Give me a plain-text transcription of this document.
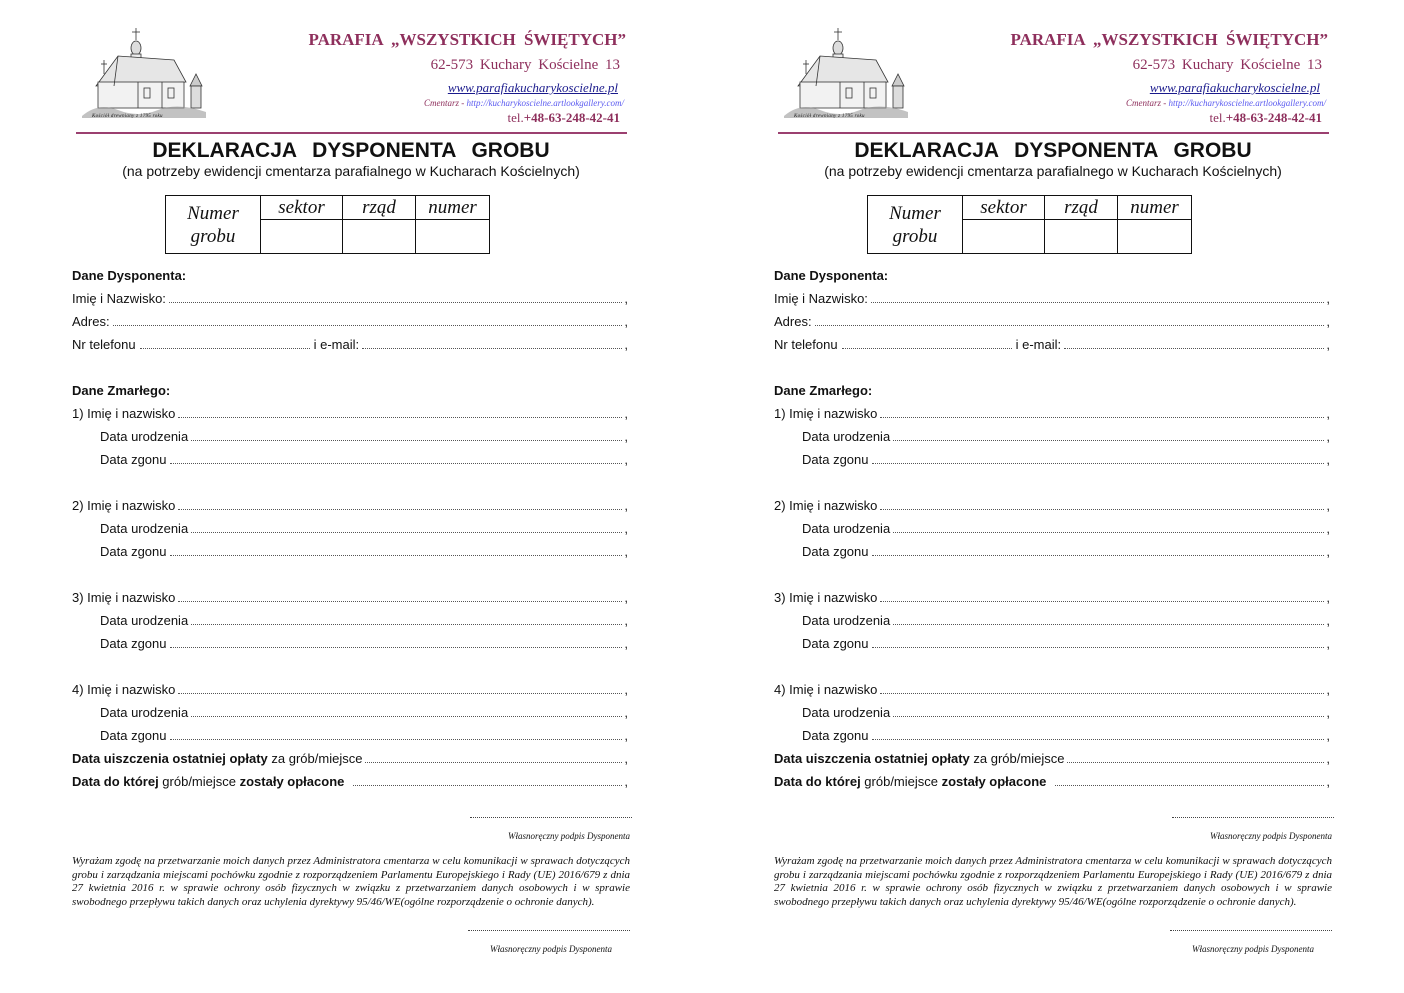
Kościół drewniany z 1795 roku
PARAFIA „WSZYSTKICH ŚWIĘTYCH”
62-573 Kuchary Kościelne 13
www.parafiakucharykoscielne.pl
Cmentarz - http://kucharykoscielne.artlookgallery.com/
tel.+48-63-248-42-41
DEKLARACJA DYSPONENTA GROBU
(na potrzeby ewidencji cmentarza parafialnego w Kucharach Kościelnych)
Numer grobu	sektor	rząd	numer

Dane Dysponenta:
Imię i Nazwisko:	,
Adres:	,
Nr telefonu	i e-mail:	,
Dane Zmarłego:
1) Imię i nazwisko	,
Data urodzenia	,
Data zgonu	,
2) Imię i nazwisko	,
Data urodzenia	,
Data zgonu	,
3) Imię i nazwisko	,
Data urodzenia	,
Data zgonu	,
4) Imię i nazwisko	,
Data urodzenia	,
Data zgonu	,
Data uiszczenia ostatniej opłaty za grób/miejsce	,
Data do której grób/miejsce zostały opłacone	,
Własnoręczny podpis Dysponenta
Wyrażam zgodę na przetwarzanie moich danych przez Administratora cmentarza w celu komunikacji w sprawach dotyczących grobu i zarządzania miejscami pochówku zgodnie z rozporządzeniem Parlamentu Europejskiego i Rady (UE) 2016/679 z dnia 27 kwietnia 2016 r. w sprawie ochrony osób fizycznych w związku z przetwarzaniem danych osobowych i w sprawie swobodnego przepływu takich danych oraz uchylenia dyrektywy 95/46/WE(ogólne rozporządzenie o ochronie danych).
Własnoręczny podpis Dysponenta
Kościół drewniany z 1795 roku
PARAFIA „WSZYSTKICH ŚWIĘTYCH”
62-573 Kuchary Kościelne 13
www.parafiakucharykoscielne.pl
Cmentarz - http://kucharykoscielne.artlookgallery.com/
tel.+48-63-248-42-41
DEKLARACJA DYSPONENTA GROBU
(na potrzeby ewidencji cmentarza parafialnego w Kucharach Kościelnych)
Numer grobu	sektor	rząd	numer

Dane Dysponenta:
Imię i Nazwisko:	,
Adres:	,
Nr telefonu	i e-mail:	,
Dane Zmarłego:
1) Imię i nazwisko	,
Data urodzenia	,
Data zgonu	,
2) Imię i nazwisko	,
Data urodzenia	,
Data zgonu	,
3) Imię i nazwisko	,
Data urodzenia	,
Data zgonu	,
4) Imię i nazwisko	,
Data urodzenia	,
Data zgonu	,
Data uiszczenia ostatniej opłaty za grób/miejsce	,
Data do której grób/miejsce zostały opłacone	,
Własnoręczny podpis Dysponenta
Wyrażam zgodę na przetwarzanie moich danych przez Administratora cmentarza w celu komunikacji w sprawach dotyczących grobu i zarządzania miejscami pochówku zgodnie z rozporządzeniem Parlamentu Europejskiego i Rady (UE) 2016/679 z dnia 27 kwietnia 2016 r. w sprawie ochrony osób fizycznych w związku z przetwarzaniem danych osobowych i w sprawie swobodnego przepływu takich danych oraz uchylenia dyrektywy 95/46/WE(ogólne rozporządzenie o ochronie danych).
Własnoręczny podpis Dysponenta
